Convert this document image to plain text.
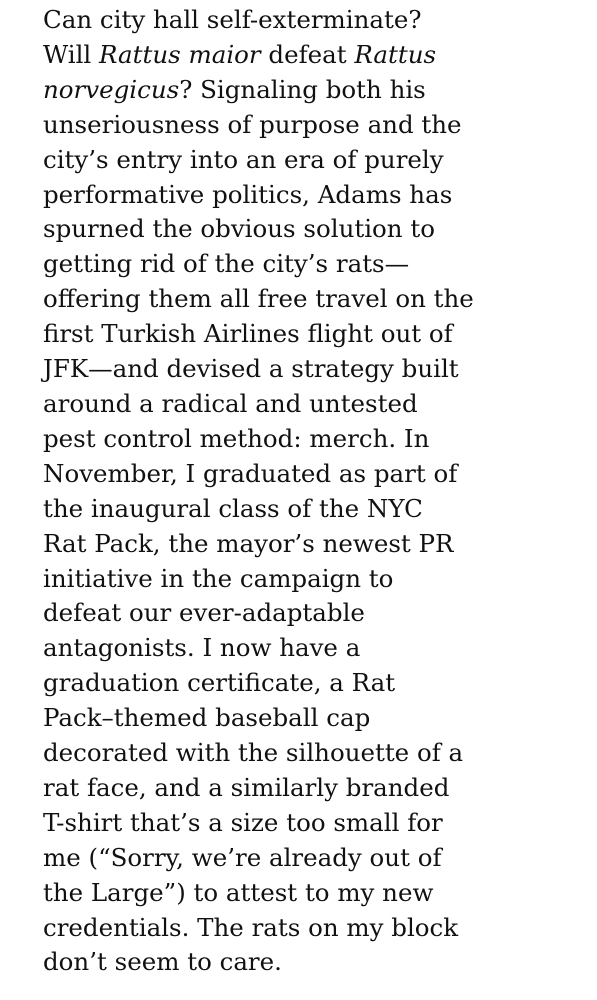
Can city hall self-exterminate?
Will Rattus maior defeat Rattus
norvegicus? Signaling both his
unseriousness of purpose and the
city’s entry into an era of purely
performative politics, Adams has
spurned the obvious solution to
getting rid of the city’s rats—
offering them all free travel on the
first Turkish Airlines flight out of
JFK—and devised a strategy built
around a radical and untested
pest control method: merch. In
November, I graduated as part of
the inaugural class of the NYC
Rat Pack, the mayor’s newest PR
initiative in the campaign to
defeat our ever-adaptable
antagonists. I now have a
graduation certificate, a Rat
Pack–themed baseball cap
decorated with the silhouette of a
rat face, and a similarly branded
T-shirt that’s a size too small for
me (“Sorry, we’re already out of
the Large”) to attest to my new
credentials. The rats on my block
don’t seem to care.
